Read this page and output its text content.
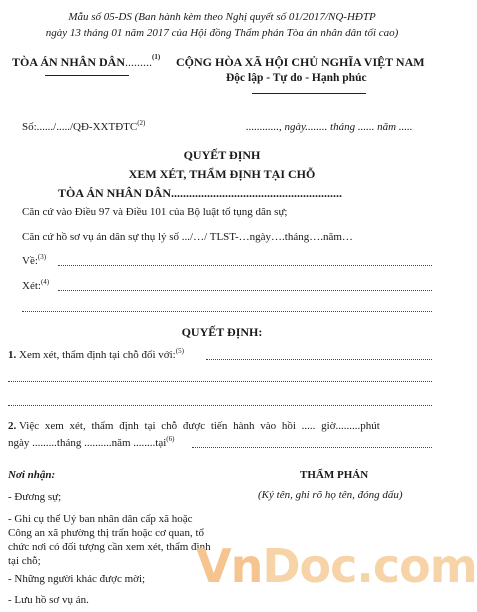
Mẫu số 05-DS (Ban hành kèm theo Nghị quyết số 01/2017/NQ-HĐTP
ngày 13 tháng 01 năm 2017 của Hội đồng Thẩm phán Tòa án nhân dân tối cao)
TÒA ÁN NHÂN DÂN.........$^{(1)}$ CỘNG HÒA XÃ HỘI CHỦ NGHĨA VIỆT NAM
Độc lập - Tự do - Hạnh phúc
Số:....../...../QĐ-XXTĐTC$^{(2)}$	............, ngày........ tháng ...... năm .....
QUYẾT ĐỊNH
XEM XÉT, THẨM ĐỊNH TẠI CHỖ
TÒA ÁN NHÂN DÂN.........................................................
Căn cứ vào Điều 97 và Điều 101 của Bộ luật tố tụng dân sự;
Căn cứ hồ sơ vụ án dân sự thụ lý số .../…/ TLST-…ngày….tháng….năm…
Về:$^{(3)}$
Xét:$^{(4)}$
QUYẾT ĐỊNH:
1. Xem xét, thẩm định tại chỗ đối với:$^{(5)}$
2. Việc xem xét, thẩm định tại chỗ được tiến hành vào hồi ..... giờ.........phút
ngày .........tháng ..........năm ........tại$^{(6)}$
Nơi nhận:
- Đương sự;
- Ghi cụ thể Uỷ ban nhân dân cấp xã hoặc
Công an xã phường thị trấn hoặc cơ quan, tổ
chức nơi có đối tượng cần xem xét, thẩm định
tại chỗ;
- Những người khác được mời;
- Lưu hồ sơ vụ án.
THẨM PHÁN
(Ký tên, ghi rõ họ tên, đóng dấu)
VnDoc.com
